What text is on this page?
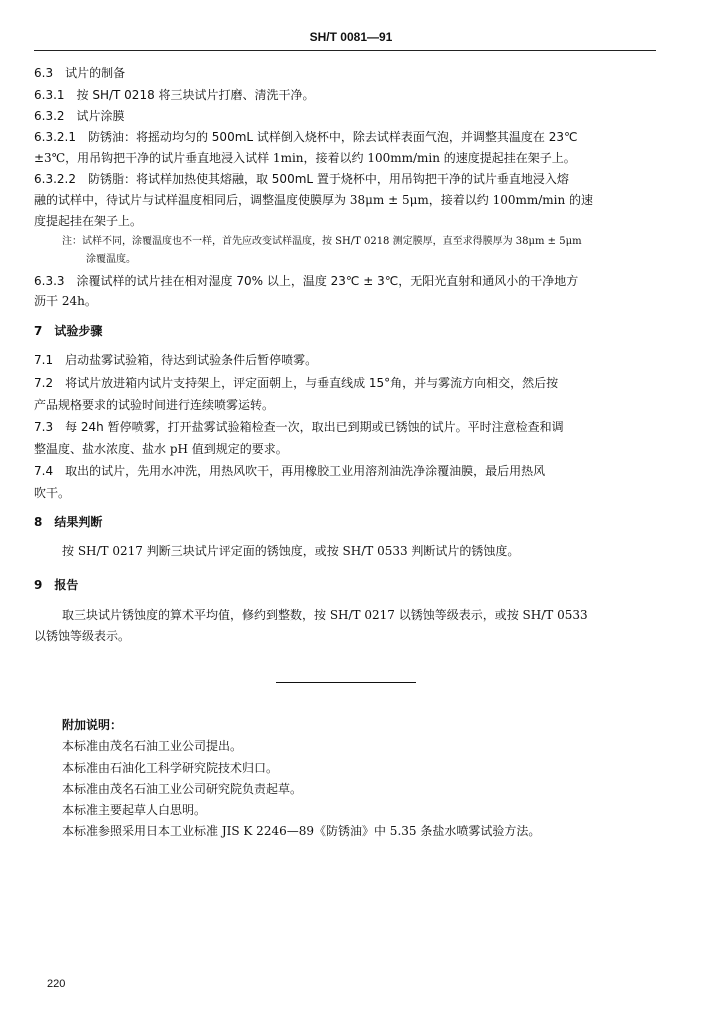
SH/T 0081—91
6.3　试片的制备
6.3.1　按 SH/T 0218 将三块试片打磨、清洗干净。
6.3.2　试片涂膜
6.3.2.1　防锈油：将摇动均匀的 500mL 试样倒入烧杯中，除去试样表面气泡，并调整其温度在 23℃
±3℃，用吊钩把干净的试片垂直地浸入试样 1min，接着以约 100mm/min 的速度提起挂在架子上。
6.3.2.2　防锈脂：将试样加热使其熔融，取 500mL 置于烧杯中，用吊钩把干净的试片垂直地浸入熔
融的试样中，待试片与试样温度相同后，调整温度使膜厚为 38μm ± 5μm，接着以约 100mm/min 的速
度提起挂在架子上。
注：试样不同，涂覆温度也不一样，首先应改变试样温度，按 SH/T 0218 测定膜厚，直至求得膜厚为 38μm ± 5μm
涂覆温度。
6.3.3　涂覆试样的试片挂在相对湿度 70% 以上，温度 23℃ ± 3℃，无阳光直射和通风小的干净地方
沥干 24h。
7　试验步骤
7.1　启动盐雾试验箱，待达到试验条件后暂停喷雾。
7.2　将试片放进箱内试片支持架上，评定面朝上，与垂直线成 15°角，并与雾流方向相交，然后按
产品规格要求的试验时间进行连续喷雾运转。
7.3　每 24h 暂停喷雾，打开盐雾试验箱检查一次，取出已到期或已锈蚀的试片。平时注意检查和调
整温度、盐水浓度、盐水 pH 值到规定的要求。
7.4　取出的试片，先用水冲洗，用热风吹干，再用橡胶工业用溶剂油洗净涂覆油膜，最后用热风
吹干。
8　结果判断
按 SH/T 0217 判断三块试片评定面的锈蚀度，或按 SH/T 0533 判断试片的锈蚀度。
9　报告
取三块试片锈蚀度的算术平均值，修约到整数，按 SH/T 0217 以锈蚀等级表示，或按 SH/T 0533
以锈蚀等级表示。
附加说明：
本标准由茂名石油工业公司提出。
本标准由石油化工科学研究院技术归口。
本标准由茂名石油工业公司研究院负责起草。
本标准主要起草人白思明。
本标准参照采用日本工业标准 JIS K 2246—89《防锈油》中 5.35 条盐水喷雾试验方法。
220
